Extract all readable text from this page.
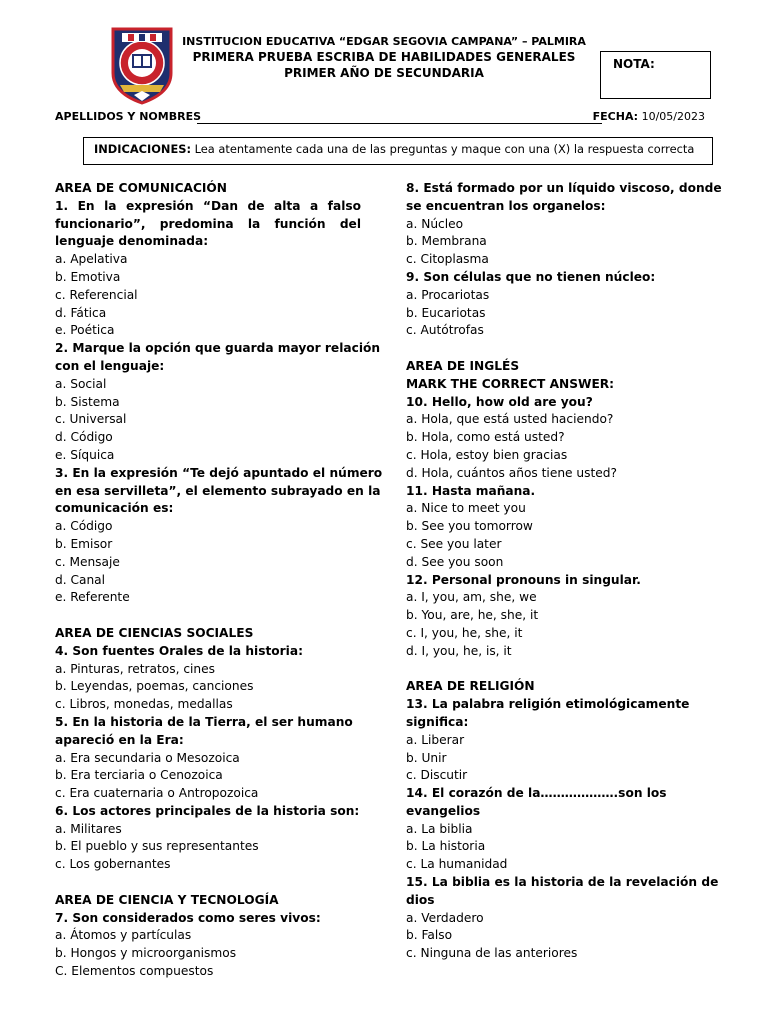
INSTITUCION EDUCATIVA “EDGAR SEGOVIA CAMPANA” – PALMIRA
PRIMERA PRUEBA ESCRIBA DE HABILIDADES GENERALES
PRIMER AÑO DE SECUNDARIA
NOTA:
APELLIDOS Y NOMBRES	FECHA: 10/05/2023
INDICACIONES: Lea atentamente cada una de las preguntas y maque con una (X) la respuesta correcta
AREA DE COMUNICACIÓN
1. En la expresión “Dan de alta a falso
funcionario”, predomina la función del
lenguaje denominada:
a. Apelativa
b. Emotiva
c. Referencial
d. Fática
e. Poética
2. Marque la opción que guarda mayor relación
con el lenguaje:
a. Social
b. Sistema
c. Universal
d. Código
e. Síquica
3. En la expresión “Te dejó apuntado el número
en esa servilleta”, el elemento subrayado en la
comunicación es:
a. Código
b. Emisor
c. Mensaje
d. Canal
e. Referente
AREA DE CIENCIAS SOCIALES
4. Son fuentes Orales de la historia:
a. Pinturas, retratos, cines
b. Leyendas, poemas, canciones
c. Libros, monedas, medallas
5. En la historia de la Tierra, el ser humano
apareció en la Era:
a. Era secundaria o Mesozoica
b. Era terciaria o Cenozoica
c. Era cuaternaria o Antropozoica
6. Los actores principales de la historia son:
a. Militares
b. El pueblo y sus representantes
c. Los gobernantes
AREA DE CIENCIA Y TECNOLOGÍA
7. Son considerados como seres vivos:
a. Átomos y partículas
b. Hongos y microorganismos
C. Elementos compuestos
8. Está formado por un líquido viscoso, donde
se encuentran los organelos:
a. Núcleo
b. Membrana
c. Citoplasma
9. Son células que no tienen núcleo:
a. Procariotas
b. Eucariotas
c. Autótrofas
AREA DE INGLÉS
MARK THE CORRECT ANSWER:
10. Hello, how old are you?
a. Hola, que está usted haciendo?
b. Hola, como está usted?
c. Hola, estoy bien gracias
d. Hola, cuántos años tiene usted?
11. Hasta mañana.
a. Nice to meet you
b. See you tomorrow
c. See you later
d. See you soon
12. Personal pronouns in singular.
a. I, you, am, she, we
b. You, are, he, she, it
c. I, you, he, she, it
d. I, you, he, is, it
AREA DE RELIGIÓN
13. La palabra religión etimológicamente
significa:
a. Liberar
b. Unir
c. Discutir
14. El corazón de la……………….son los
evangelios
a. La biblia
b. La historia
c. La humanidad
15. La biblia es la historia de la revelación de
dios
a. Verdadero
b. Falso
c. Ninguna de las anteriores
